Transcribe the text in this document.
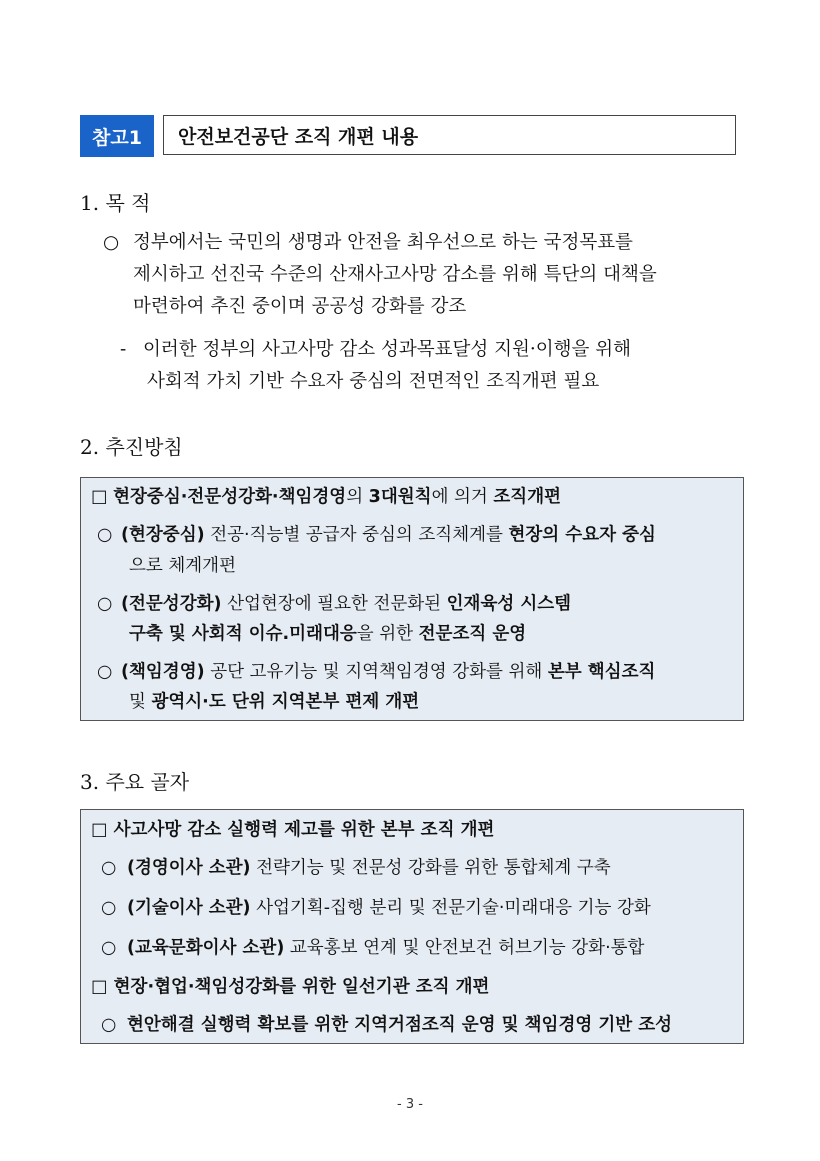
참고1	안전보건공단 조직 개편 내용
1. 목 적
○ 정부에서는 국민의 생명과 안전을 최우선으로 하는 국정목표를
제시하고 선진국 수준의 산재사고사망 감소를 위해 특단의 대책을
마련하여 추진 중이며 공공성 강화를 강조
- 이러한 정부의 사고사망 감소 성과목표달성 지원·이행을 위해
사회적 가치 기반 수요자 중심의 전면적인 조직개편 필요
2. 추진방침
□ 현장중심·전문성강화·책임경영의 3대원칙에 의거 조직개편
○ (현장중심) 전공·직능별 공급자 중심의 조직체계를 현장의 수요자 중심
으로 체계개편
○ (전문성강화) 산업현장에 필요한 전문화된 인재육성 시스템
구축 및 사회적 이슈.미래대응을 위한 전문조직 운영
○ (책임경영) 공단 고유기능 및 지역책임경영 강화를 위해 본부 핵심조직
및 광역시·도 단위 지역본부 편제 개편
3. 주요 골자
□ 사고사망 감소 실행력 제고를 위한 본부 조직 개편
○ (경영이사 소관) 전략기능 및 전문성 강화를 위한 통합체계 구축
○ (기술이사 소관) 사업기획-집행 분리 및 전문기술·미래대응 기능 강화
○ (교육문화이사 소관) 교육홍보 연계 및 안전보건 허브기능 강화·통합
□ 현장·협업·책임성강화를 위한 일선기관 조직 개편
○ 현안해결 실행력 확보를 위한 지역거점조직 운영 및 책임경영 기반 조성
- 3 -
